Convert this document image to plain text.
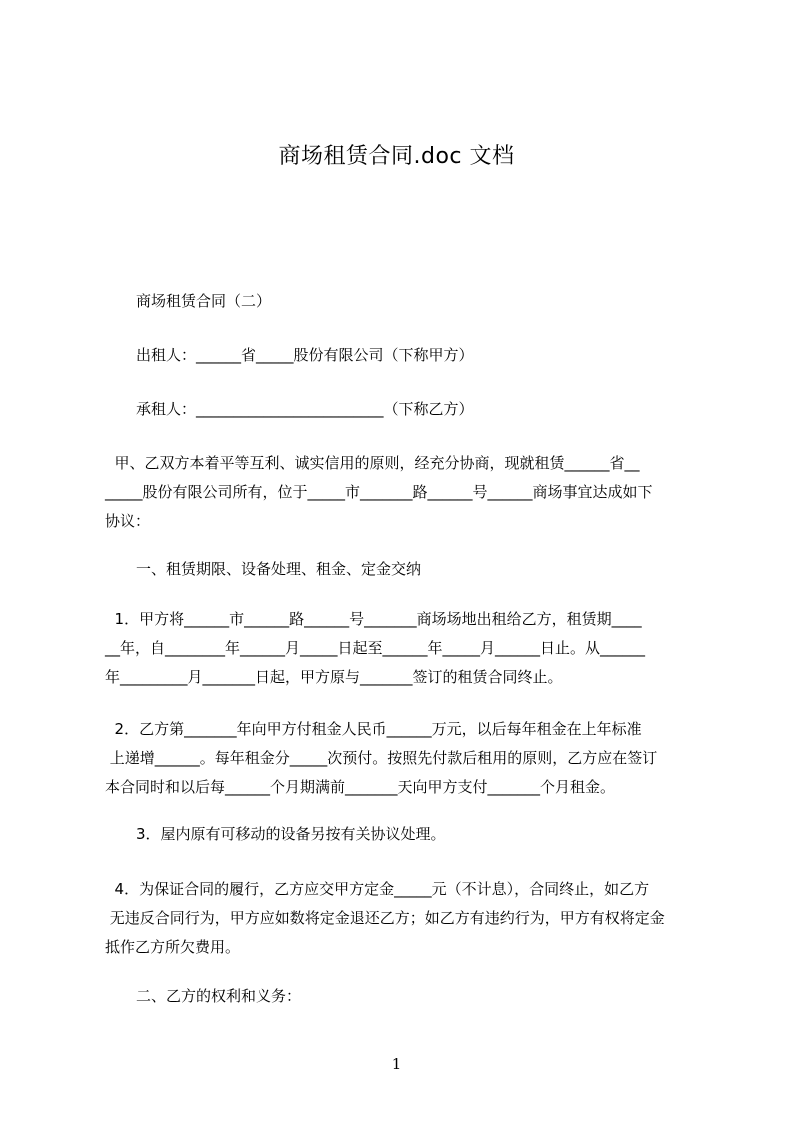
商场租赁合同.doc 文档
商场租赁合同（二）
出租人：______省_____股份有限公司（下称甲方）
承租人：_________________________（下称乙方）
甲、乙双方本着平等互利、诚实信用的原则，经充分协商，现就租赁______省__
_____股份有限公司所有，位于_____市_______路______号______商场事宜达成如下
协议：
一、租赁期限、设备处理、租金、定金交纳
1．甲方将______市______路______号_______商场场地出租给乙方，租赁期____
__年，自________年______月_____日起至______年_____月______日止。从______
年_________月_______日起，甲方原与_______签订的租赁合同终止。
2．乙方第_______年向甲方付租金人民币______万元，以后每年租金在上年标准
上递增______。每年租金分_____次预付。按照先付款后租用的原则，乙方应在签订
本合同时和以后每______个月期满前_______天向甲方支付_______个月租金。
3．屋内原有可移动的设备另按有关协议处理。
4．为保证合同的履行，乙方应交甲方定金_____元（不计息），合同终止，如乙方
无违反合同行为，甲方应如数将定金退还乙方；如乙方有违约行为，甲方有权将定金
抵作乙方所欠费用。
二、乙方的权利和义务：
1
